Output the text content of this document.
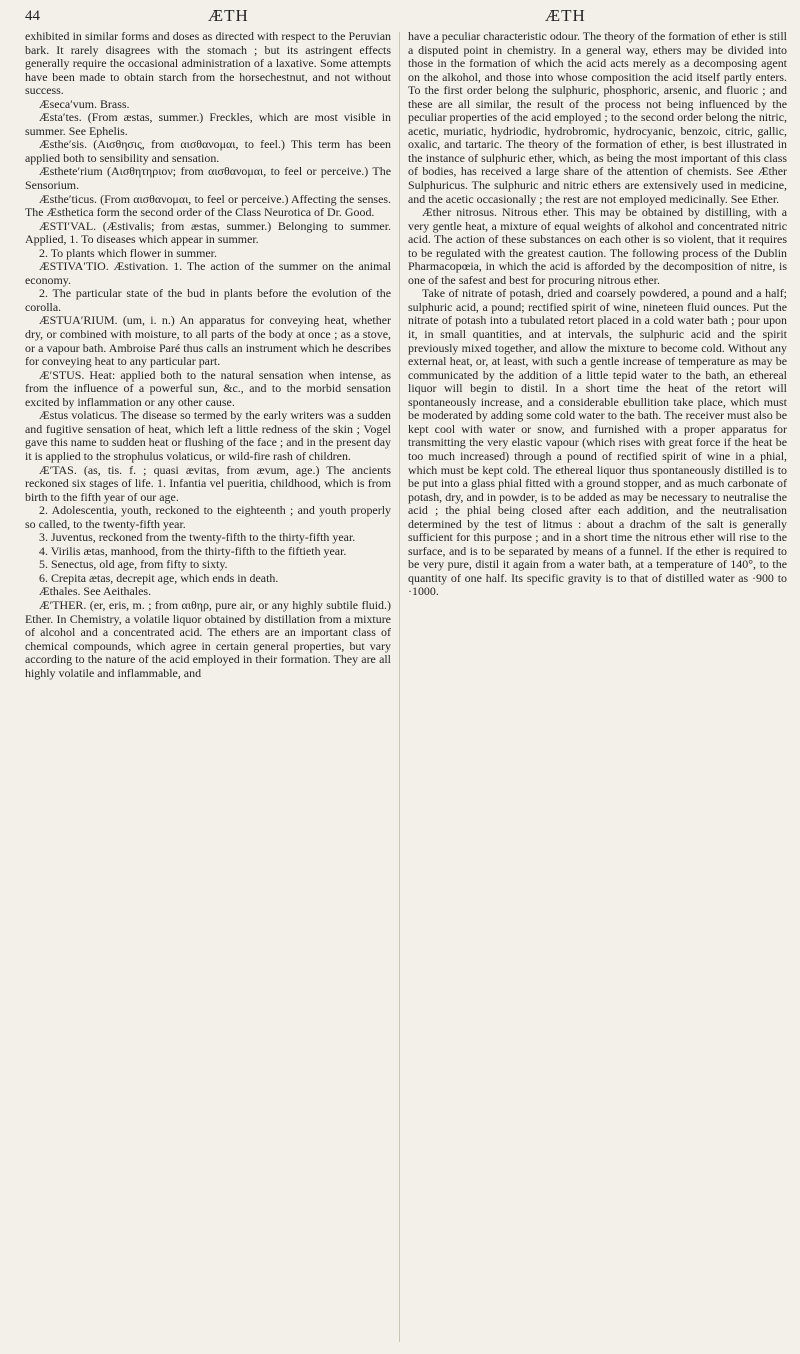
44	ÆTH	ÆTH

exhibited in similar forms and doses as directed with respect to the Peruvian bark. It rarely disagrees with the stomach ; but its astringent effects generally require the occasional administration of a laxative. Some attempts have been made to obtain starch from the horsechestnut, and not without success.

Æseca′vum. Brass.

Æsta′tes. (From æstas, summer.) Freckles, which are most visible in summer. See Ephelis.

Æsthe′sis. (Αισθησις, from αισθανομαι, to feel.) This term has been applied both to sensibility and sensation.

Æsthete′rium (Αισθητηριον; from αισθανομαι, to feel or perceive.) The Sensorium.

Æsthe′ticus. (From αισθανομαι, to feel or perceive.) Affecting the senses. The Æsthetica form the second order of the Class Neurotica of Dr. Good.

ÆSTI′VAL. (Æstivalis; from æstas, summer.) Belonging to summer. Applied, 1. To diseases which appear in summer.

2. To plants which flower in summer.

ÆSTIVA′TIO. Æstivation. 1. The action of the summer on the animal economy.

2. The particular state of the bud in plants before the evolution of the corolla.

ÆSTUA′RIUM. (um, i. n.) An apparatus for conveying heat, whether dry, or combined with moisture, to all parts of the body at once ; as a stove, or a vapour bath. Ambroise Paré thus calls an instrument which he describes for conveying heat to any particular part.

Æ′STUS. Heat: applied both to the natural sensation when intense, as from the influence of a powerful sun, &c., and to the morbid sensation excited by inflammation or any other cause.

Æstus volaticus. The disease so termed by the early writers was a sudden and fugitive sensation of heat, which left a little redness of the skin ; Vogel gave this name to sudden heat or flushing of the face ; and in the present day it is applied to the strophulus volaticus, or wild-fire rash of children.

Æ′TAS. (as, tis. f. ; quasi ævitas, from ævum, age.) The ancients reckoned six stages of life. 1. Infantia vel pueritia, childhood, which is from birth to the fifth year of our age.

2. Adolescentia, youth, reckoned to the eighteenth ; and youth properly so called, to the twenty-fifth year.

3. Juventus, reckoned from the twenty-fifth to the thirty-fifth year.

4. Virilis ætas, manhood, from the thirty-fifth to the fiftieth year.

5. Senectus, old age, from fifty to sixty.

6. Crepita ætas, decrepit age, which ends in death.

Æthales. See Aeithales.

Æ′THER. (er, eris, m. ; from αιθηρ, pure air, or any highly subtile fluid.) Ether. In Chemistry, a volatile liquor obtained by distillation from a mixture of alcohol and a concentrated acid. The ethers are an important class of chemical compounds, which agree in certain general properties, but vary according to the nature of the acid employed in their formation. They are all highly volatile and inflammable, and

have a peculiar characteristic odour. The theory of the formation of ether is still a disputed point in chemistry. In a general way, ethers may be divided into those in the formation of which the acid acts merely as a decomposing agent on the alkohol, and those into whose composition the acid itself partly enters. To the first order belong the sulphuric, phosphoric, arsenic, and fluoric ; and these are all similar, the result of the process not being influenced by the peculiar properties of the acid employed ; to the second order belong the nitric, acetic, muriatic, hydriodic, hydrobromic, hydrocyanic, benzoic, citric, gallic, oxalic, and tartaric. The theory of the formation of ether, is best illustrated in the instance of sulphuric ether, which, as being the most important of this class of bodies, has received a large share of the attention of chemists. See Æther Sulphuricus. The sulphuric and nitric ethers are extensively used in medicine, and the acetic occasionally ; the rest are not employed medicinally. See Ether.

Æther nitrosus. Nitrous ether. This may be obtained by distilling, with a very gentle heat, a mixture of equal weights of alkohol and concentrated nitric acid. The action of these substances on each other is so violent, that it requires to be regulated with the greatest caution. The following process of the Dublin Pharmacopœia, in which the acid is afforded by the decomposition of nitre, is one of the safest and best for procuring nitrous ether.

Take of nitrate of potash, dried and coarsely powdered, a pound and a half; sulphuric acid, a pound; rectified spirit of wine, nineteen fluid ounces. Put the nitrate of potash into a tubulated retort placed in a cold water bath ; pour upon it, in small quantities, and at intervals, the sulphuric acid and the spirit previously mixed together, and allow the mixture to become cold. Without any external heat, or, at least, with such a gentle increase of temperature as may be communicated by the addition of a little tepid water to the bath, an ethereal liquor will begin to distil. In a short time the heat of the retort will spontaneously increase, and a considerable ebullition take place, which must be moderated by adding some cold water to the bath. The receiver must also be kept cool with water or snow, and furnished with a proper apparatus for transmitting the very elastic vapour (which rises with great force if the heat be too much increased) through a pound of rectified spirit of wine in a phial, which must be kept cold. The ethereal liquor thus spontaneously distilled is to be put into a glass phial fitted with a ground stopper, and as much carbonate of potash, dry, and in powder, is to be added as may be necessary to neutralise the acid ; the phial being closed after each addition, and the neutralisation determined by the test of litmus : about a drachm of the salt is generally sufficient for this purpose ; and in a short time the nitrous ether will rise to the surface, and is to be separated by means of a funnel. If the ether is required to be very pure, distil it again from a water bath, at a temperature of 140°, to the quantity of one half. Its specific gravity is to that of distilled water as ·900 to ·1000.
